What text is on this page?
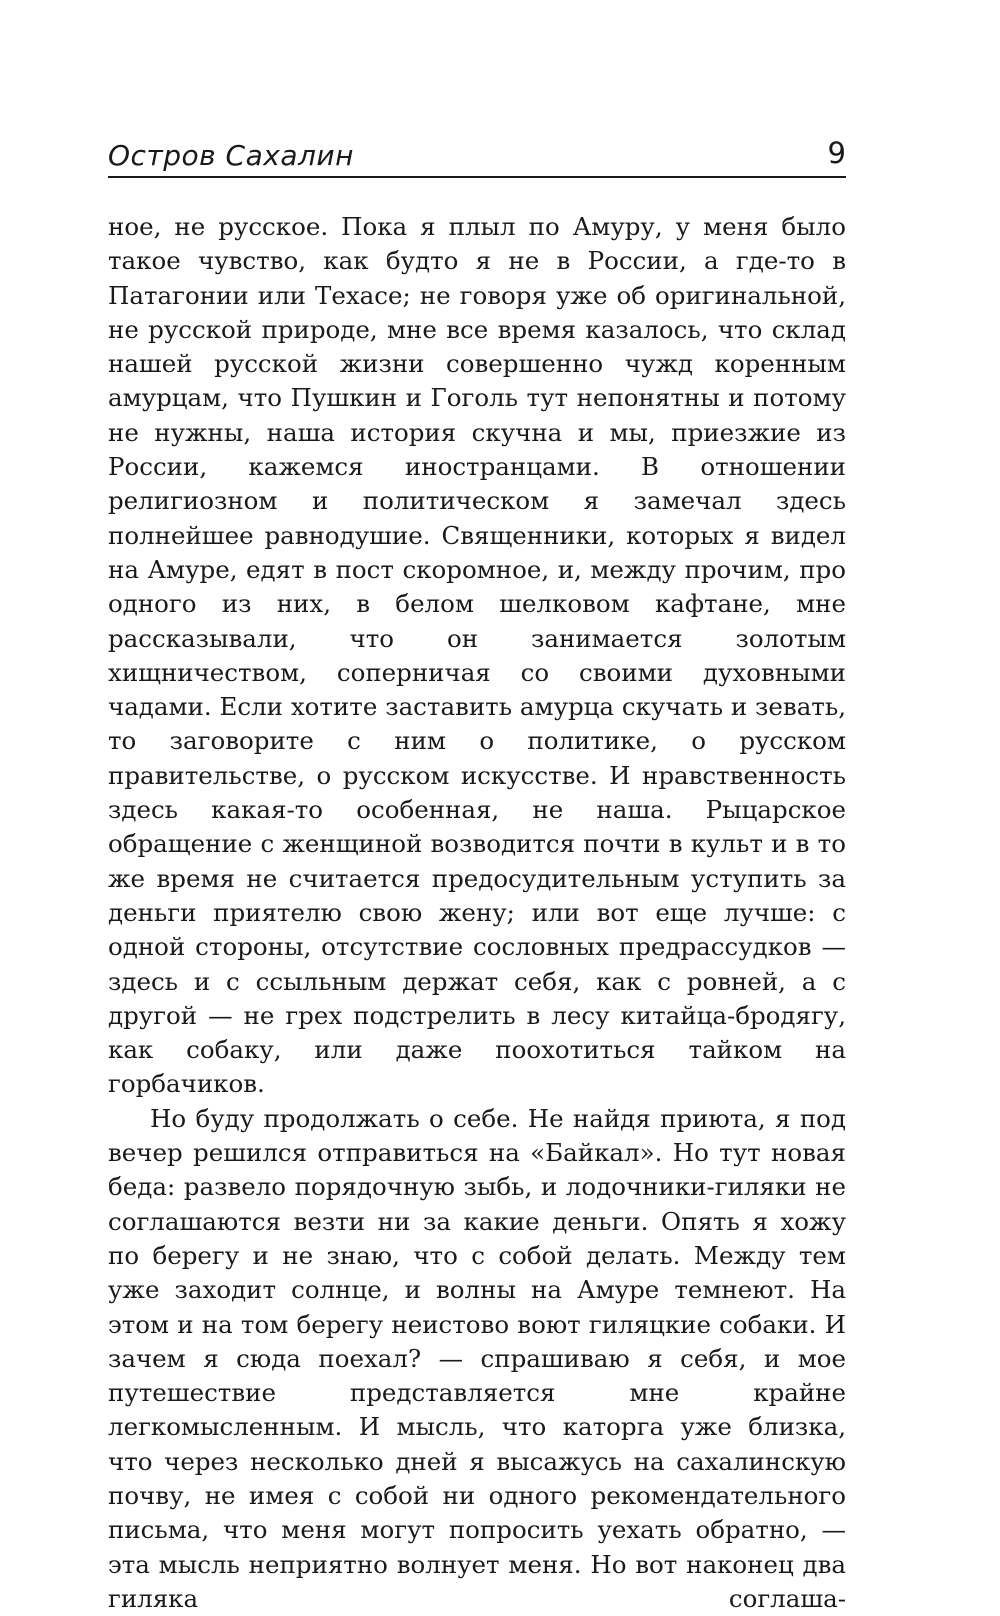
Остров Сахалин	9

ное, не русское. Пока я плыл по Амуру, у меня было такое чувство, как будто я не в России, а где-то в Патагонии или Техасе; не говоря уже об оригинальной, не русской природе, мне все время казалось, что склад нашей русской жизни совершенно чужд коренным амурцам, что Пушкин и Гоголь тут непонятны и потому не нужны, наша история скучна и мы, приезжие из России, кажемся иностранцами. В отношении религиозном и политическом я замечал здесь полнейшее равнодушие. Священники, которых я видел на Амуре, едят в пост скоромное, и, между прочим, про одного из них, в белом шелковом кафтане, мне рассказывали, что он занимается золотым хищничеством, соперничая со своими духовными чадами. Если хотите заставить амурца скучать и зевать, то заговорите с ним о политике, о русском правительстве, о русском искусстве. И нравственность здесь какая-то особенная, не наша. Рыцарское обращение с женщиной возводится почти в культ и в то же время не считается предосудительным уступить за деньги приятелю свою жену; или вот еще лучше: с одной стороны, отсутствие сословных предрассудков — здесь и с ссыльным держат себя, как с ровней, а с другой — не грех подстрелить в лесу китайца-бродягу, как собаку, или даже поохотиться тайком на горбачиков.

Но буду продолжать о себе. Не найдя приюта, я под вечер решился отправиться на «Байкал». Но тут новая беда: развело порядочную зыбь, и лодочники-гиляки не соглашаются везти ни за какие деньги. Опять я хожу по берегу и не знаю, что с собой делать. Между тем уже заходит солнце, и волны на Амуре темнеют. На этом и на том берегу неистово воют гиляцкие собаки. И зачем я сюда поехал? — спрашиваю я себя, и мое путешествие представляется мне крайне легкомысленным. И мысль, что каторга уже близка, что через несколько дней я высажусь на сахалинскую почву, не имея с собой ни одного рекомендательного письма, что меня могут попросить уехать обратно, — эта мысль неприятно волнует меня. Но вот наконец два гиляка соглаша-
